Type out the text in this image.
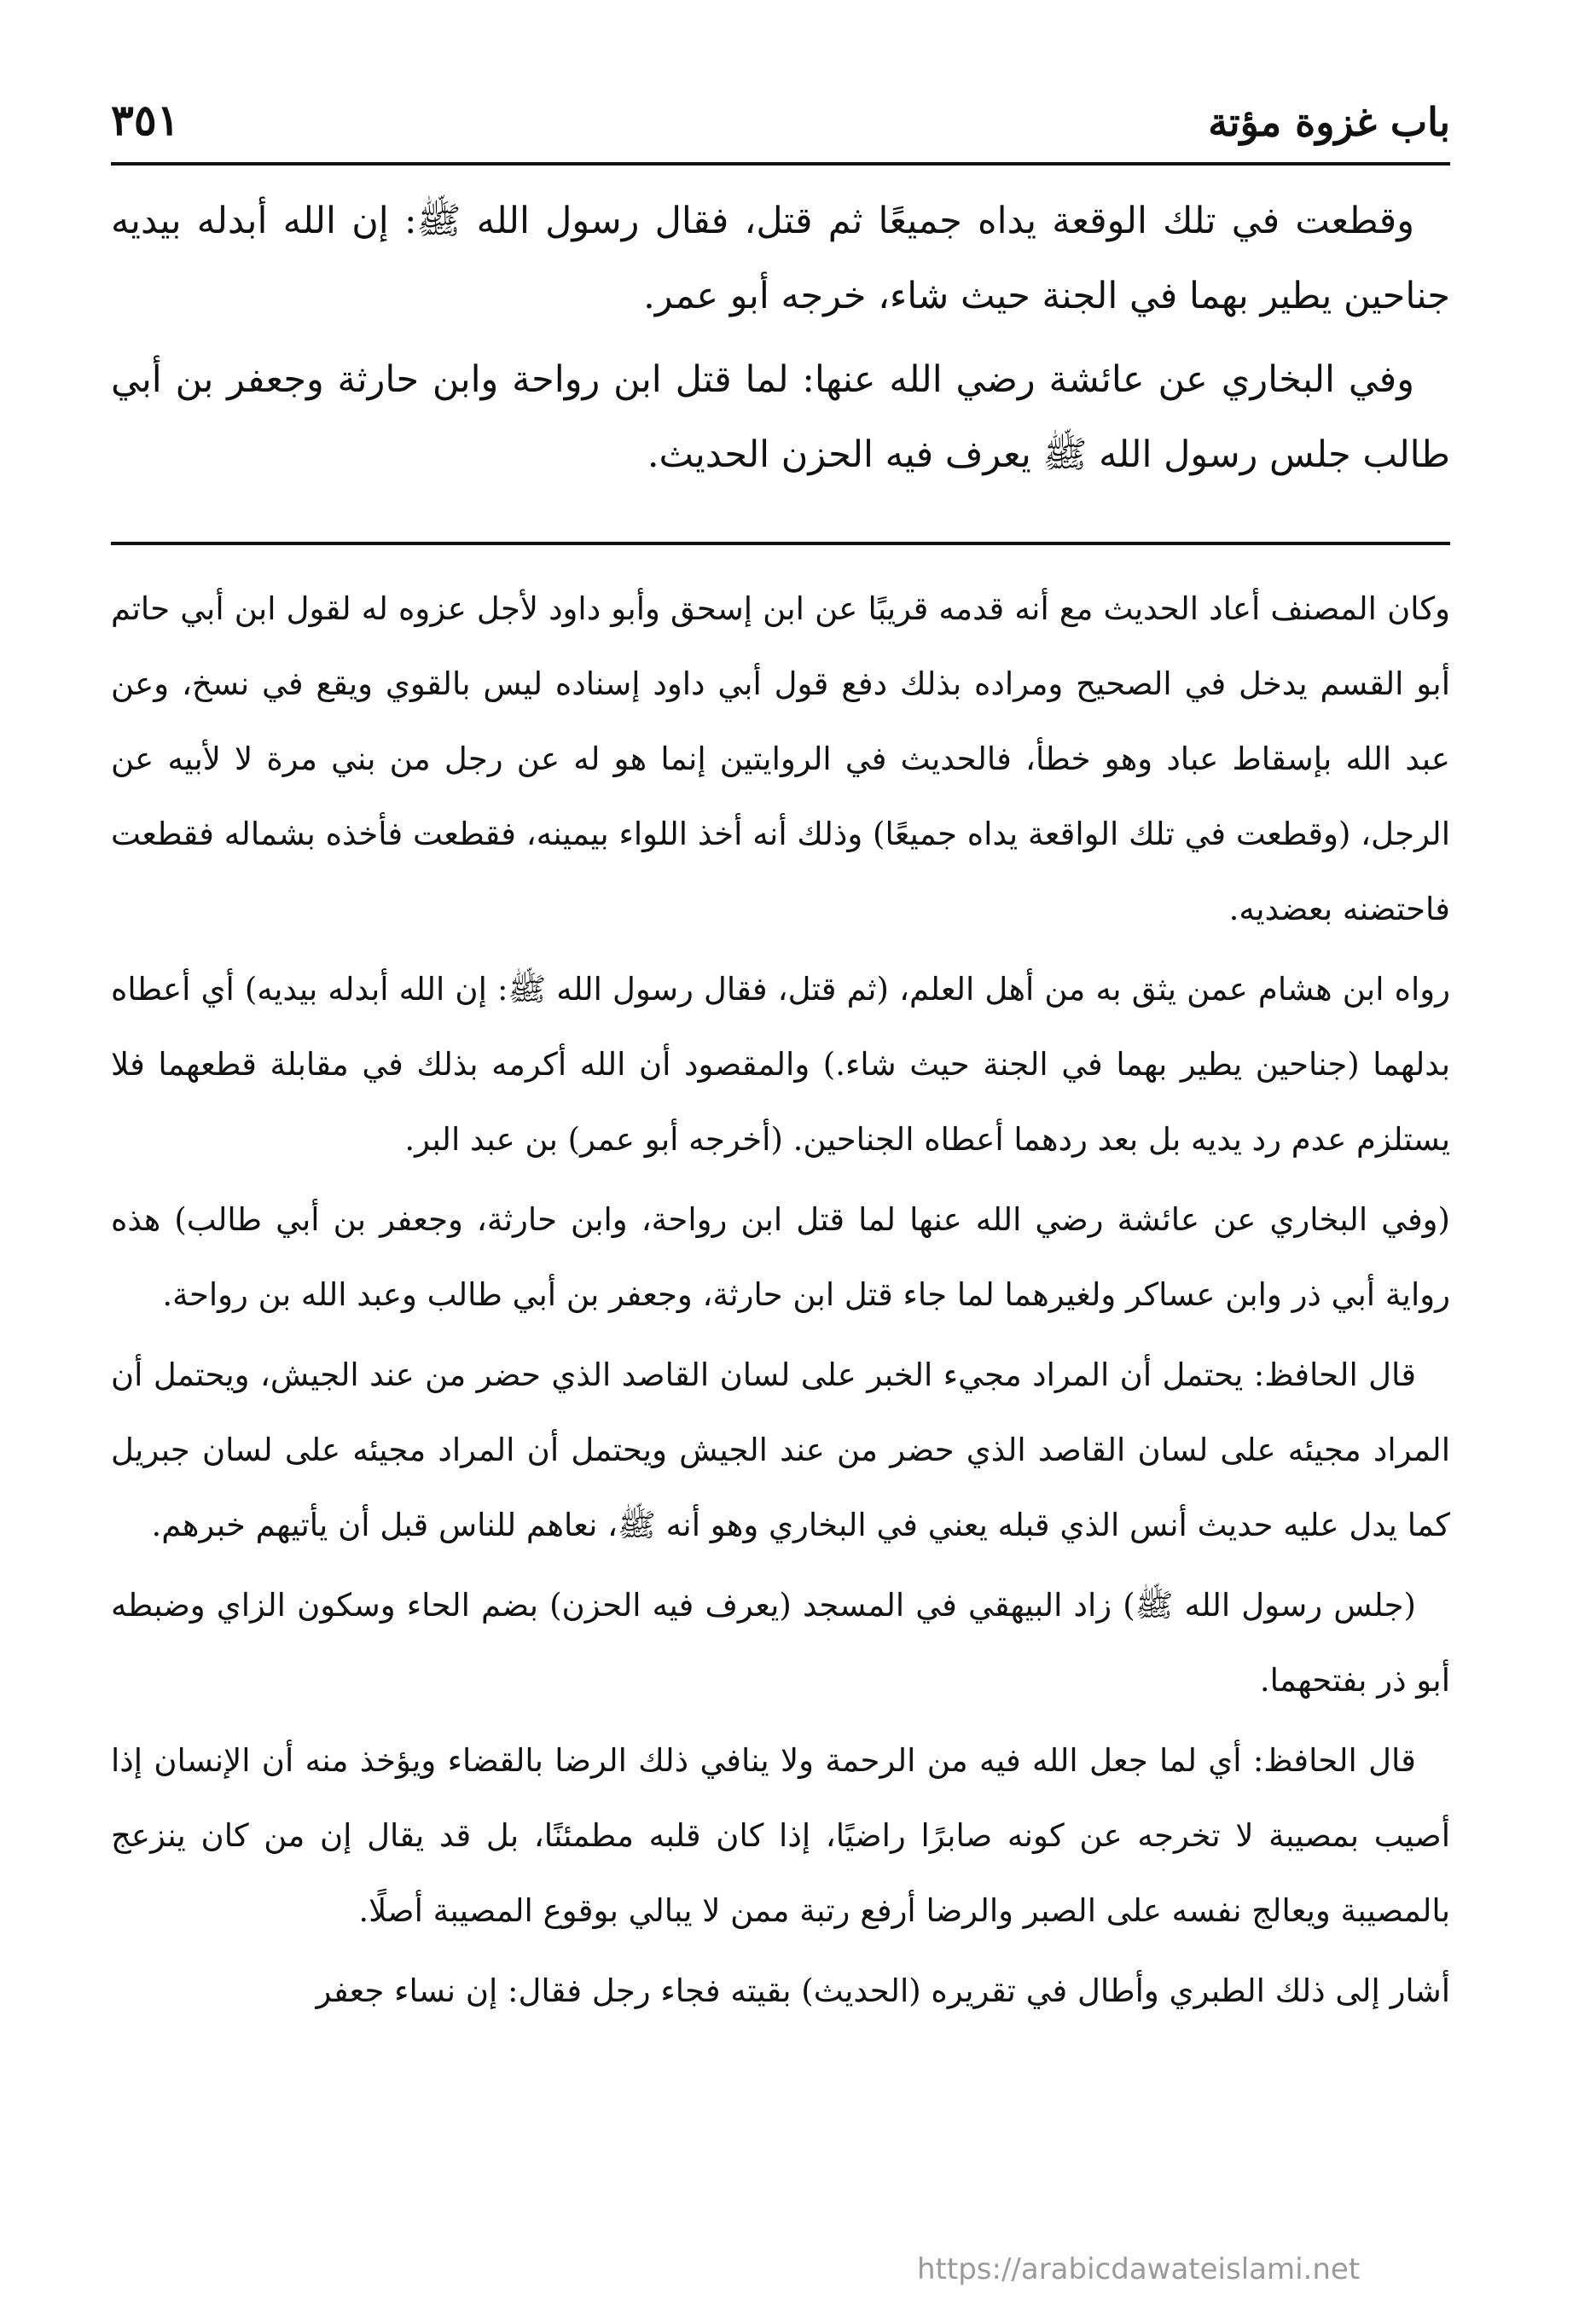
باب غزوة مؤتة
٣٥١

وقطعت في تلك الوقعة يداه جميعًا ثم قتل، فقال رسول الله ﷺ: إن الله أبدله بيديه جناحين يطير بهما في الجنة حيث شاء، خرجه أبو عمر.

وفي البخاري عن عائشة رضي الله عنها: لما قتل ابن رواحة وابن حارثة وجعفر بن أبي طالب جلس رسول الله ﷺ يعرف فيه الحزن الحديث.

وكان المصنف أعاد الحديث مع أنه قدمه قريبًا عن ابن إسحق وأبو داود لأجل عزوه له لقول ابن أبي حاتم أبو القسم يدخل في الصحيح ومراده بذلك دفع قول أبي داود إسناده ليس بالقوي ويقع في نسخ، وعن عبد الله بإسقاط عباد وهو خطأ، فالحديث في الروايتين إنما هو له عن رجل من بني مرة لا لأبيه عن الرجل، (وقطعت في تلك الواقعة يداه جميعًا) وذلك أنه أخذ اللواء بيمينه، فقطعت فأخذه بشماله فقطعت فاحتضنه بعضديه.

رواه ابن هشام عمن يثق به من أهل العلم، (ثم قتل، فقال رسول الله ﷺ: إن الله أبدله بيديه) أي أعطاه بدلهما (جناحين يطير بهما في الجنة حيث شاء.) والمقصود أن الله أكرمه بذلك في مقابلة قطعهما فلا يستلزم عدم رد يديه بل بعد ردهما أعطاه الجناحين. (أخرجه أبو عمر) بن عبد البر.

(وفي البخاري عن عائشة رضي الله عنها لما قتل ابن رواحة، وابن حارثة، وجعفر بن أبي طالب) هذه رواية أبي ذر وابن عساكر ولغيرهما لما جاء قتل ابن حارثة، وجعفر بن أبي طالب وعبد الله بن رواحة.

قال الحافظ: يحتمل أن المراد مجيء الخبر على لسان القاصد الذي حضر من عند الجيش، ويحتمل أن المراد مجيئه على لسان القاصد الذي حضر من عند الجيش ويحتمل أن المراد مجيئه على لسان جبريل كما يدل عليه حديث أنس الذي قبله يعني في البخاري وهو أنه ﷺ، نعاهم للناس قبل أن يأتيهم خبرهم.

(جلس رسول الله ﷺ) زاد البيهقي في المسجد (يعرف فيه الحزن) بضم الحاء وسكون الزاي وضبطه أبو ذر بفتحهما.

قال الحافظ: أي لما جعل الله فيه من الرحمة ولا ينافي ذلك الرضا بالقضاء ويؤخذ منه أن الإنسان إذا أصيب بمصيبة لا تخرجه عن كونه صابرًا راضيًا، إذا كان قلبه مطمئنًا، بل قد يقال إن من كان ينزعج بالمصيبة ويعالج نفسه على الصبر والرضا أرفع رتبة ممن لا يبالي بوقوع المصيبة أصلًا.

أشار إلى ذلك الطبري وأطال في تقريره (الحديث) بقيته فجاء رجل فقال: إن نساء جعفر

https://arabicdawateislami.net
